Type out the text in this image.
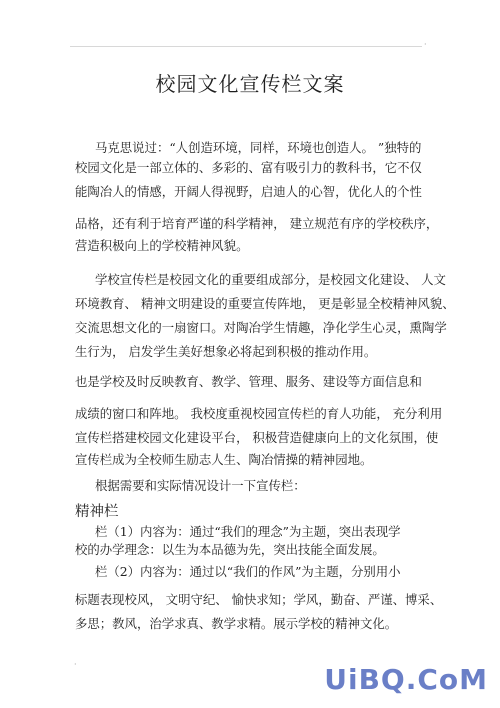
·
校园文化宣传栏文案
马克思说过：“人创造环境，同样，环境也创造人。 ”独特的
校园文化是一部立体的、多彩的、富有吸引力的教科书，它不仅
能陶冶人的情感，开阔人得视野，启迪人的心智，优化人的个性
品格，还有利于培育严谨的科学精神， 建立规范有序的学校秩序，
营造积极向上的学校精神风貌。
学校宣传栏是校园文化的重要组成部分，是校园文化建设、 人文
环境教育、 精神文明建设的重要宣传阵地， 更是彰显全校精神风貌、
交流思想文化的一扇窗口。对陶冶学生情趣，净化学生心灵，熏陶学
生行为， 启发学生美好想象必将起到积极的推动作用。
也是学校及时反映教育、教学、管理、服务、建设等方面信息和
成绩的窗口和阵地。 我校度重视校园宣传栏的育人功能， 充分利用
宣传栏搭建校园文化建设平台， 积极营造健康向上的文化氛围，使
宣传栏成为全校师生励志人生、陶冶情操的精神园地。
根据需要和实际情况设计一下宣传栏：
精神栏
栏（1）内容为：通过“我们的理念”为主题，突出表现学
校的办学理念：以生为本品德为先，突出技能全面发展。
栏（2）内容为：通过以“我们的作风”为主题，分别用小
标题表现校风， 文明守纪、 愉快求知；学风，勤奋、严谨、博采、
多思；教风，治学求真、教学求精。展示学校的精神文化。
·	UiBQ.CoM
